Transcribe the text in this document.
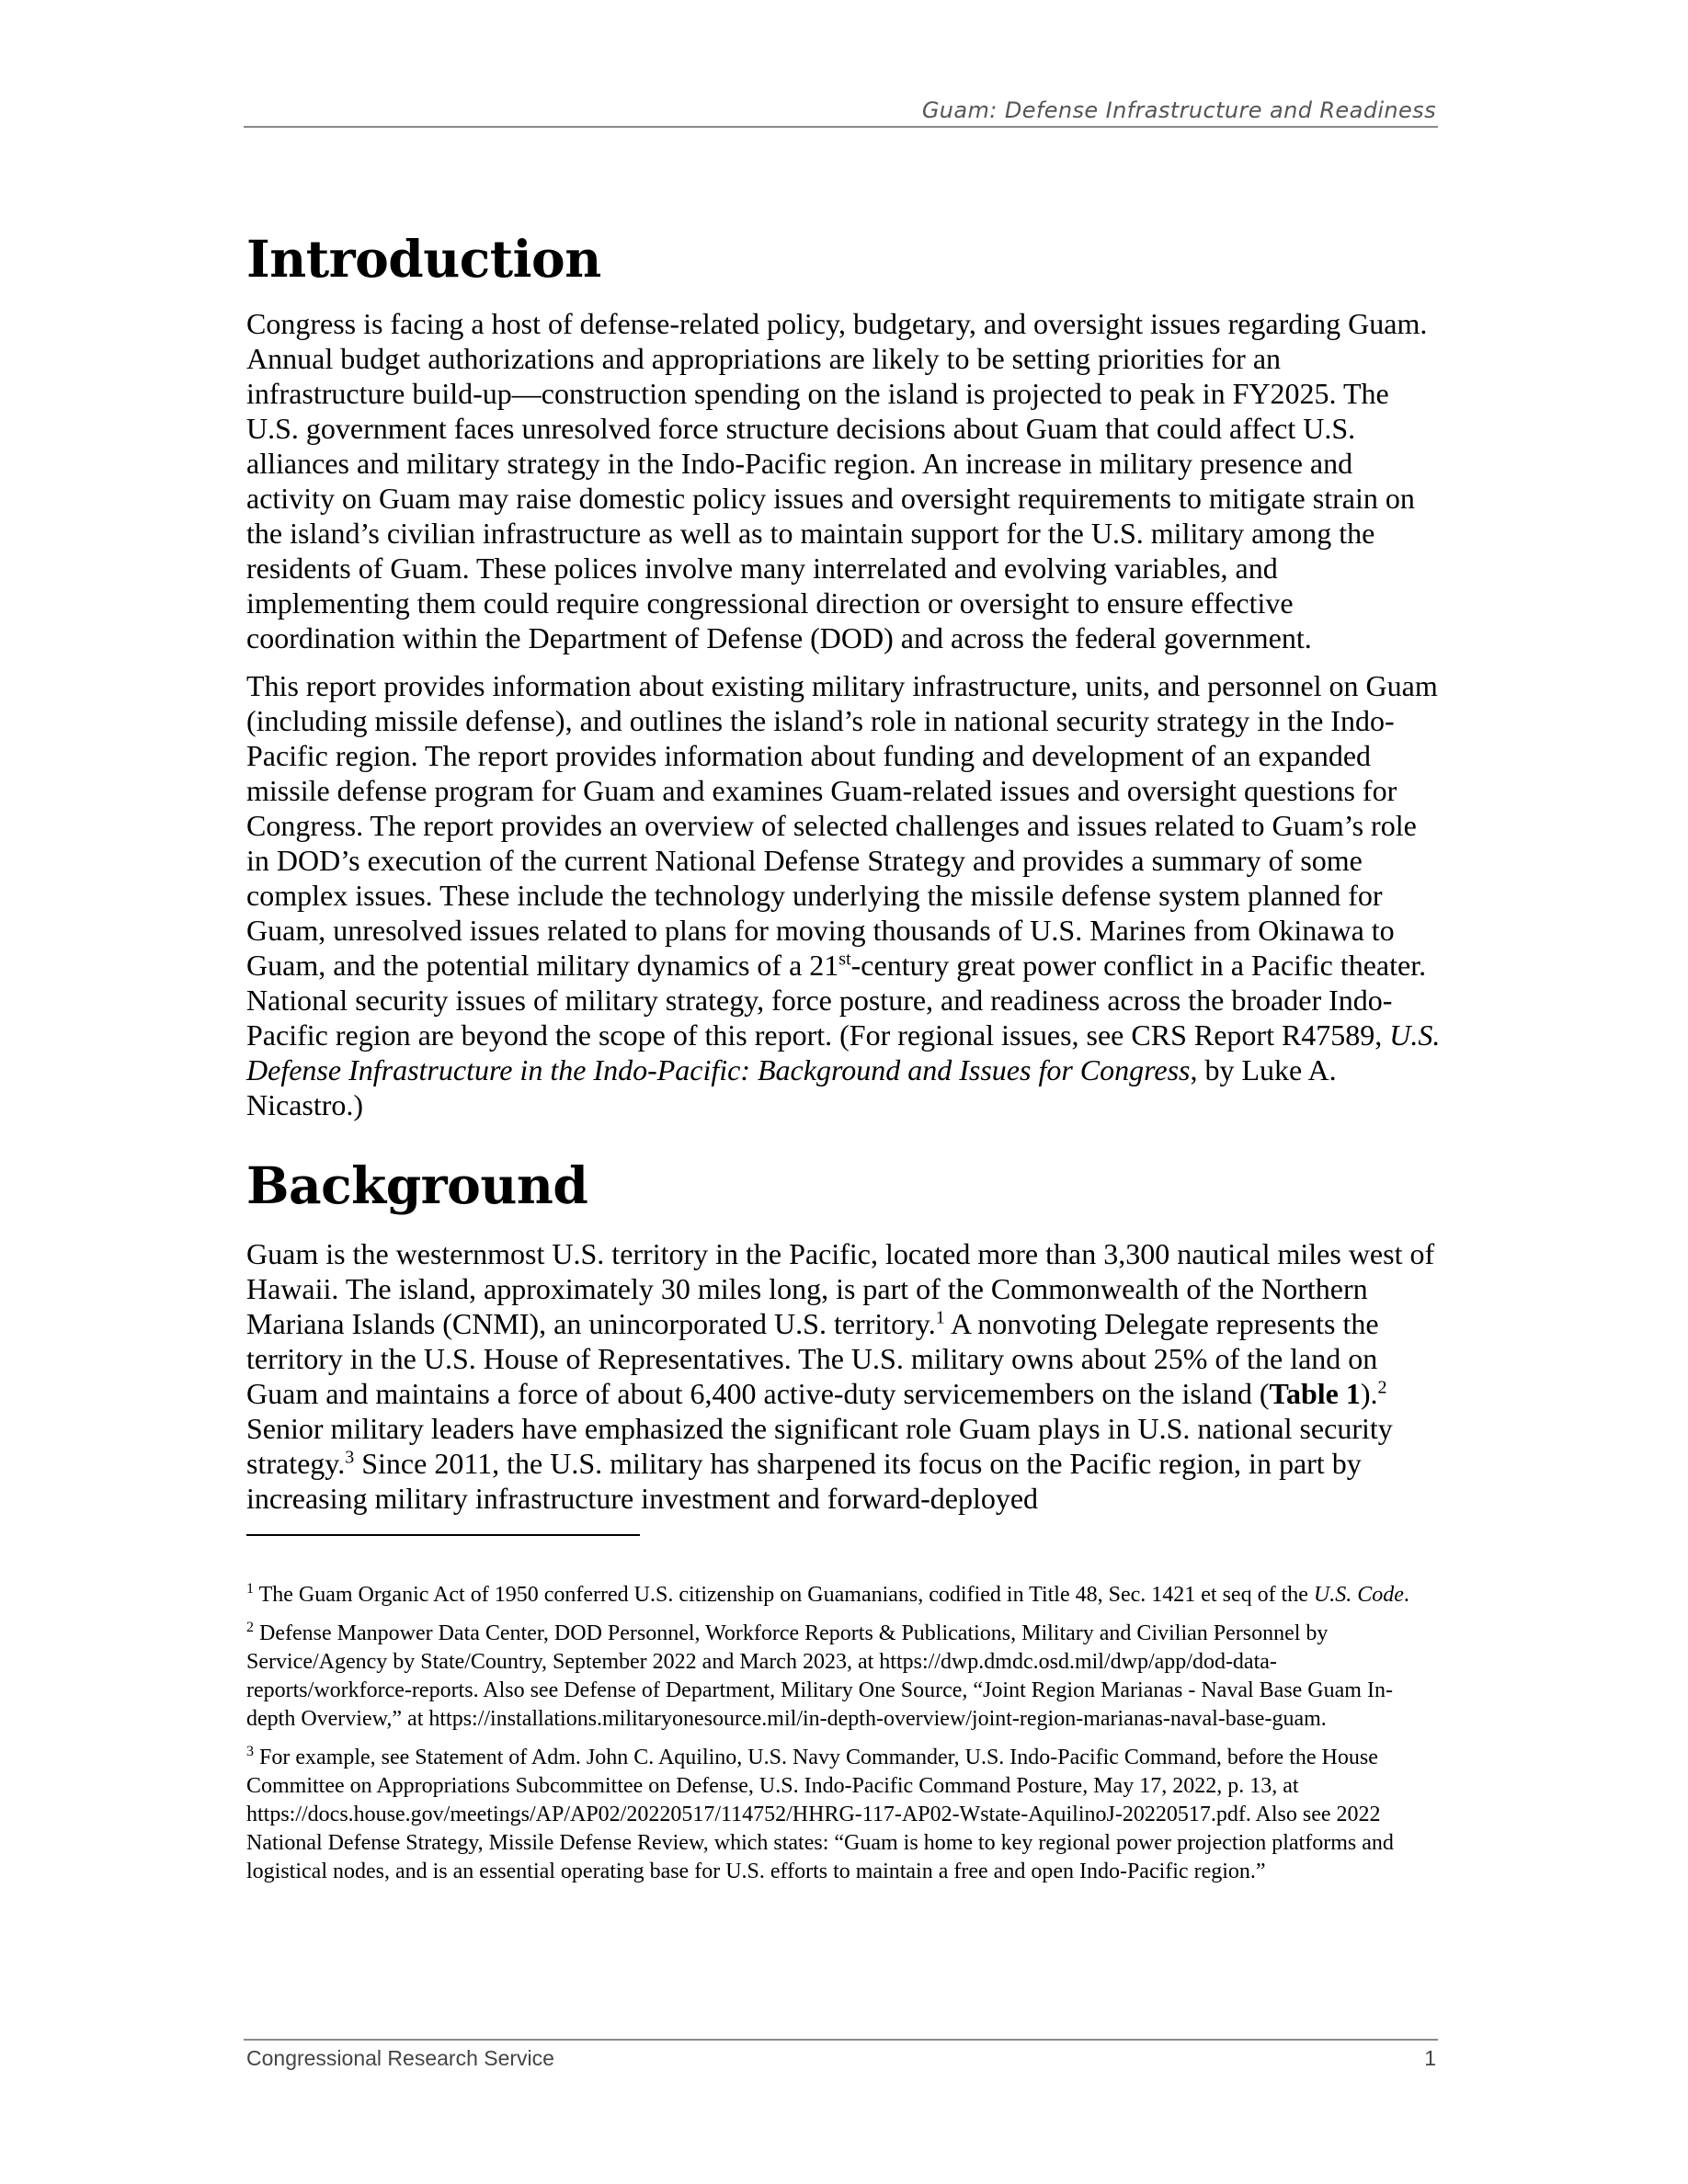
Guam: Defense Infrastructure and Readiness
Introduction

Congress is facing a host of defense-related policy, budgetary, and oversight issues regarding Guam. Annual budget authorizations and appropriations are likely to be setting priorities for an infrastructure build-up—construction spending on the island is projected to peak in FY2025. The U.S. government faces unresolved force structure decisions about Guam that could affect U.S. alliances and military strategy in the Indo-Pacific region. An increase in military presence and activity on Guam may raise domestic policy issues and oversight requirements to mitigate strain on the island’s civilian infrastructure as well as to maintain support for the U.S. military among the residents of Guam. These polices involve many interrelated and evolving variables, and implementing them could require congressional direction or oversight to ensure effective coordination within the Department of Defense (DOD) and across the federal government.

This report provides information about existing military infrastructure, units, and personnel on Guam (including missile defense), and outlines the island’s role in national security strategy in the Indo-Pacific region. The report provides information about funding and development of an expanded missile defense program for Guam and examines Guam-related issues and oversight questions for Congress. The report provides an overview of selected challenges and issues related to Guam’s role in DOD’s execution of the current National Defense Strategy and provides a summary of some complex issues. These include the technology underlying the missile defense system planned for Guam, unresolved issues related to plans for moving thousands of U.S. Marines from Okinawa to Guam, and the potential military dynamics of a 21st-century great power conflict in a Pacific theater. National security issues of military strategy, force posture, and readiness across the broader Indo-Pacific region are beyond the scope of this report. (For regional issues, see CRS Report R47589, U.S. Defense Infrastructure in the Indo-Pacific: Background and Issues for Congress, by Luke A. Nicastro.)

Background

Guam is the westernmost U.S. territory in the Pacific, located more than 3,300 nautical miles west of Hawaii. The island, approximately 30 miles long, is part of the Commonwealth of the Northern Mariana Islands (CNMI), an unincorporated U.S. territory.$^1$ A nonvoting Delegate represents the territory in the U.S. House of Representatives. The U.S. military owns about 25% of the land on Guam and maintains a force of about 6,400 active-duty servicemembers on the island (Table 1).$^2$ Senior military leaders have emphasized the significant role Guam plays in U.S. national security strategy.$^3$ Since 2011, the U.S. military has sharpened its focus on the Pacific region, in part by increasing military infrastructure investment and forward-deployed

$^1$ The Guam Organic Act of 1950 conferred U.S. citizenship on Guamanians, codified in Title 48, Sec. 1421 et seq of the U.S. Code.

$^2$ Defense Manpower Data Center, DOD Personnel, Workforce Reports & Publications, Military and Civilian Personnel by Service/Agency by State/Country, September 2022 and March 2023, at https://dwp.dmdc.osd.mil/dwp/app/dod-data-reports/workforce-reports. Also see Defense of Department, Military One Source, “Joint Region Marianas - Naval Base Guam In-depth Overview,” at https://installations.militaryonesource.mil/in-depth-overview/joint-region-marianas-naval-base-guam.

$^3$ For example, see Statement of Adm. John C. Aquilino, U.S. Navy Commander, U.S. Indo-Pacific Command, before the House Committee on Appropriations Subcommittee on Defense, U.S. Indo-Pacific Command Posture, May 17, 2022, p. 13, at https://docs.house.gov/meetings/AP/AP02/20220517/114752/HHRG-117-AP02-Wstate-AquilinoJ-20220517.pdf. Also see 2022 National Defense Strategy, Missile Defense Review, which states: “Guam is home to key regional power projection platforms and logistical nodes, and is an essential operating base for U.S. efforts to maintain a free and open Indo-Pacific region.”

Congressional Research Service	1
